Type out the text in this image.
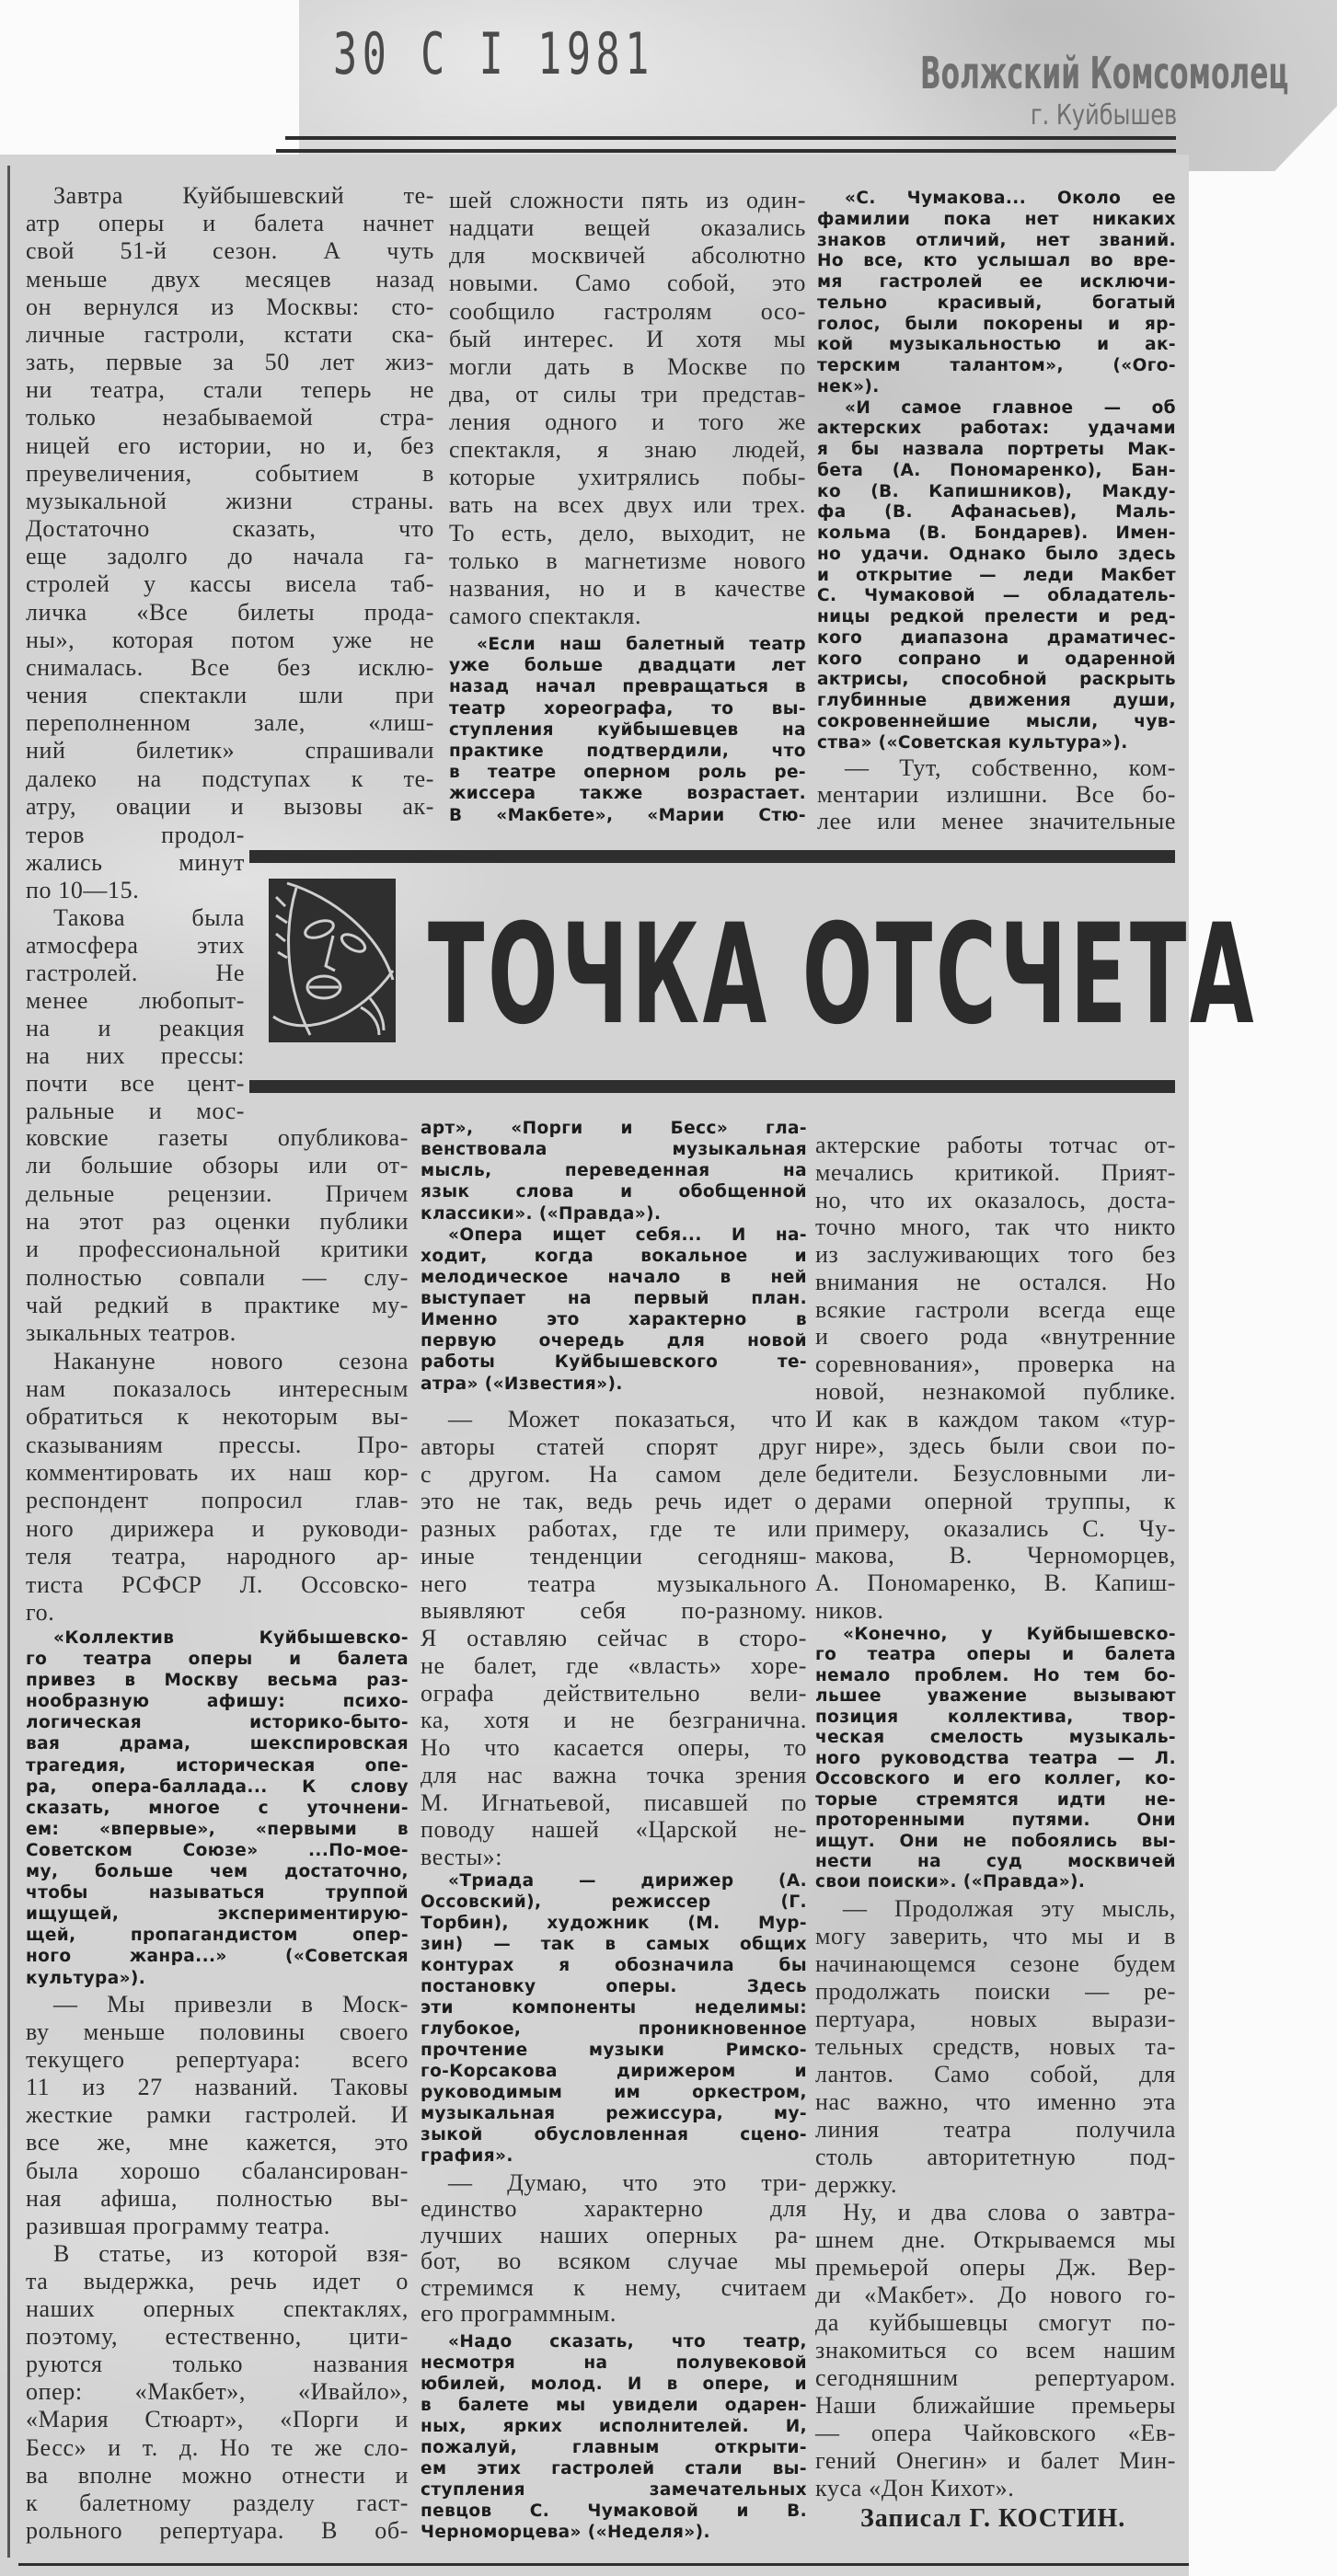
30 С I 1981	Волжский Комсомолец
г. Куйбышев
Завтра Куйбышевский те-
атр оперы и балета начнет
свой 51-й сезон. А чуть
меньше двух месяцев назад
он вернулся из Москвы: сто-
личные гастроли, кстати ска-
зать, первые за 50 лет жиз-
ни театра, стали теперь не
только незабываемой стра-
ницей его истории, но и, без
преувеличения, событием в
музыкальной жизни страны.
Достаточно сказать, что
еще задолго до начала га-
стролей у кассы висела таб-
личка «Все билеты прода-
ны», которая потом уже не
снималась. Все без исклю-
чения спектакли шли при
переполненном зале, «лиш-
ний билетик» спрашивали
далеко на подступах к те-
атру, овации и вызовы ак-
теров продол-
жались минут
по 10—15.
Такова была
атмосфера этих
гастролей. Не
менее любопыт-
на и реакция
на них прессы:
почти все цент-
ральные и мос-
ковские газеты опубликова-
ли большие обзоры или от-
дельные рецензии. Причем
на этот раз оценки публики
и профессиональной критики
полностью совпали — слу-
чай редкий в практике му-
зыкальных театров.
Накануне нового сезона
нам показалось интересным
обратиться к некоторым вы-
сказываниям прессы. Про-
комментировать их наш кор-
респондент попросил глав-
ного дирижера и руководи-
теля театра, народного ар-
тиста РСФСР Л. Оссовско-
го.
«Коллектив Куйбышевско-
го театра оперы и балета
привез в Москву весьма раз-
нообразную афишу: психо-
логическая историко-быто-
вая драма, шекспировская
трагедия, историческая опе-
ра, опера-баллада... К слову
сказать, многое с уточнени-
ем: «впервые», «первыми в
Советском Союзе» ...По-мое-
му, больше чем достаточно,
чтобы называться труппой
ищущей, экспериментирую-
щей, пропагандистом опер-
ного жанра...» («Советская
культура»).
— Мы привезли в Моск-
ву меньше половины своего
текущего репертуара: всего
11 из 27 названий. Таковы
жесткие рамки гастролей. И
все же, мне кажется, это
была хорошо сбалансирован-
ная афиша, полностью вы-
разившая программу театра.
В статье, из которой взя-
та выдержка, речь идет о
наших оперных спектаклях,
поэтому, естественно, цити-
руются только названия
опер: «Макбет», «Ивайло»,
«Мария Стюарт», «Порги и
Бесс» и т. д. Но те же сло-
ва вполне можно отнести и
к балетному разделу гаст-
рольного репертуара. В об-
шей сложности пять из один-
надцати вещей оказались
для москвичей абсолютно
новыми. Само собой, это
сообщило гастролям осо-
бый интерес. И хотя мы
могли дать в Москве по
два, от силы три представ-
ления одного и того же
спектакля, я знаю людей,
которые ухитрялись побы-
вать на всех двух или трех.
То есть, дело, выходит, не
только в магнетизме нового
названия, но и в качестве
самого спектакля.
«Если наш балетный театр
уже больше двадцати лет
назад начал превращаться в
театр хореографа, то вы-
ступления куйбышевцев на
практике подтвердили, что
в театре оперном роль ре-
жиссера также возрастает.
В «Макбете», «Марии Стю-
«С. Чумакова... Около ее
фамилии пока нет никаких
знаков отличий, нет званий.
Но все, кто услышал во вре-
мя гастролей ее исключи-
тельно красивый, богатый
голос, были покорены и яр-
кой музыкальностью и ак-
терским талантом», («Ого-
нек»).
«И самое главное — об
актерских работах: удачами
я бы назвала портреты Мак-
бета (А. Пономаренко), Бан-
ко (В. Капишников), Макду-
фа (В. Афанасьев), Маль-
кольма (В. Бондарев). Имен-
но удачи. Однако было здесь
и открытие — леди Макбет
С. Чумаковой — обладатель-
ницы редкой прелести и ред-
кого диапазона драматичес-
кого сопрано и одаренной
актрисы, способной раскрыть
глубинные движения души,
сокровеннейшие мысли, чув-
ства» («Советская культура»).
— Тут, собственно, ком-
ментарии излишни. Все бо-
лее или менее значительные
ТОЧКА ОТСЧЕТА
арт», «Порги и Бесс» гла-
венствовала музыкальная
мысль, переведенная на
язык слова и обобщенной
классики». («Правда»).
«Опера ищет себя... И на-
ходит, когда вокальное и
мелодическое начало в ней
выступает на первый план.
Именно это характерно в
первую очередь для новой
работы Куйбышевского те-
атра» («Известия»).
— Может показаться, что
авторы статей спорят друг
с другом. На самом деле
это не так, ведь речь идет о
разных работах, где те или
иные тенденции сегодняш-
него театра музыкального
выявляют себя по-разному.
Я оставляю сейчас в сторо-
не балет, где «власть» хоре-
ографа действительно вели-
ка, хотя и не безгранична.
Но что касается оперы, то
для нас важна точка зрения
М. Игнатьевой, писавшей по
поводу нашей «Царской не-
весты»:
«Триада — дирижер (А.
Оссовский), режиссер (Г.
Торбин), художник (М. Мур-
зин) — так в самых общих
контурах я обозначила бы
постановку оперы. Здесь
эти компоненты неделимы:
глубокое, проникновенное
прочтение музыки Римско-
го-Корсакова дирижером и
руководимым им оркестром,
музыкальная режиссура, му-
зыкой обусловленная сцено-
графия».
— Думаю, что это три-
единство характерно для
лучших наших оперных ра-
бот, во всяком случае мы
стремимся к нему, считаем
его программным.
«Надо сказать, что театр,
несмотря на полувековой
юбилей, молод. И в опере, и
в балете мы увидели одарен-
ных, ярких исполнителей. И,
пожалуй, главным открыти-
ем этих гастролей стали вы-
ступления замечательных
певцов С. Чумаковой и В.
Черноморцева» («Неделя»).
актерские работы тотчас от-
мечались критикой. Прият-
но, что их оказалось, доста-
точно много, так что никто
из заслуживающих того без
внимания не остался. Но
всякие гастроли всегда еще
и своего рода «внутренние
соревнования», проверка на
новой, незнакомой публике.
И как в каждом таком «тур-
нире», здесь были свои по-
бедители. Безусловными ли-
дерами оперной труппы, к
примеру, оказались С. Чу-
макова, В. Черноморцев,
А. Пономаренко, В. Капиш-
ников.
«Конечно, у Куйбышевско-
го театра оперы и балета
немало проблем. Но тем бо-
льшее уважение вызывают
позиция коллектива, твор-
ческая смелость музыкаль-
ного руководства театра — Л.
Оссовского и его коллег, ко-
торые стремятся идти не-
проторенными путями. Они
ищут. Они не побоялись вы-
нести на суд москвичей
свои поиски». («Правда»).
— Продолжая эту мысль,
могу заверить, что мы и в
начинающемся сезоне будем
продолжать поиски — ре-
пертуара, новых вырази-
тельных средств, новых та-
лантов. Само собой, для
нас важно, что именно эта
линия театра получила
столь авторитетную под-
держку.
Ну, и два слова о завтра-
шнем дне. Открываемся мы
премьерой оперы Дж. Вер-
ди «Макбет». До нового го-
да куйбышевцы смогут по-
знакомиться со всем нашим
сегодняшним репертуаром.
Наши ближайшие премьеры
— опера Чайковского «Ев-
гений Онегин» и балет Мин-
куса «Дон Кихот».
Записал Г. КОСТИН.
